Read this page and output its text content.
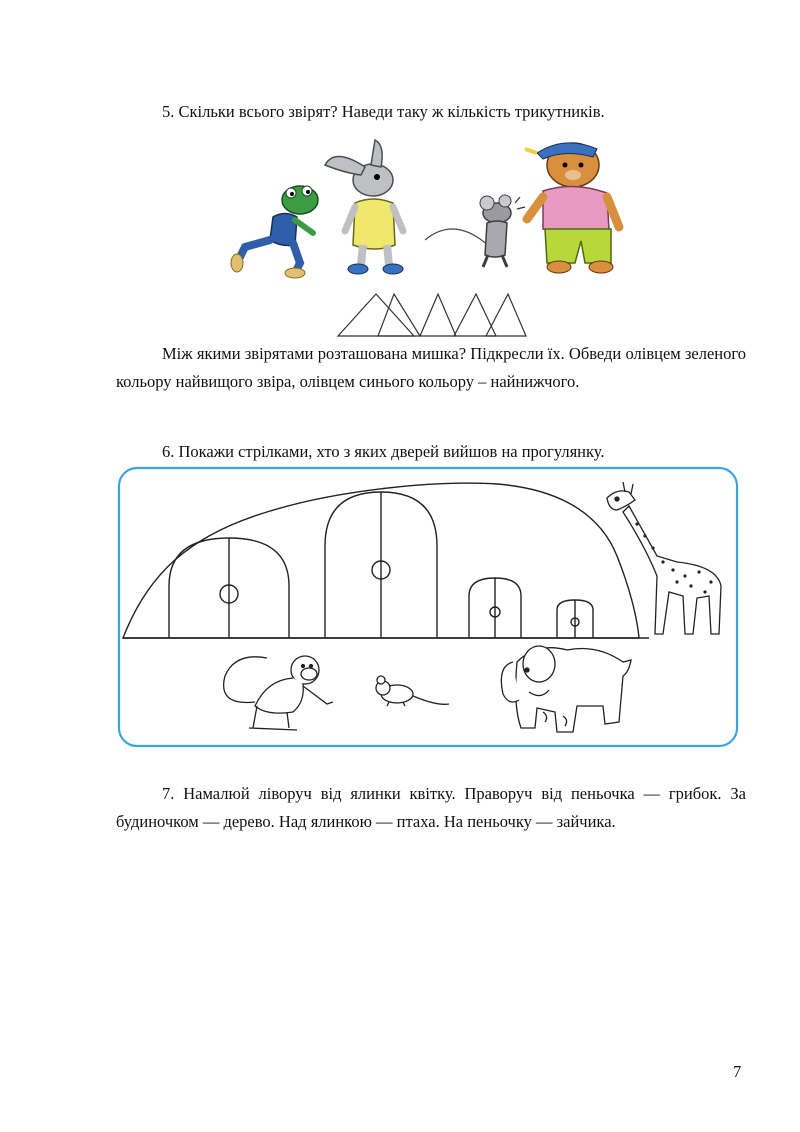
5. Скільки всього звірят? Наведи таку ж кількість трикутників.
Між якими звірятами розташована мишка? Підкресли їх. Обведи олівцем зеленого кольору найвищого звіра, олівцем синього кольору – найнижчого.
6. Покажи стрілками, хто з яких дверей вийшов на прогулянку.
7. Намалюй ліворуч від ялинки квітку. Праворуч від пеньочка — грибок. За будиночком — дерево. Над ялинкою — птаха. На пеньочку — зайчика.
7
